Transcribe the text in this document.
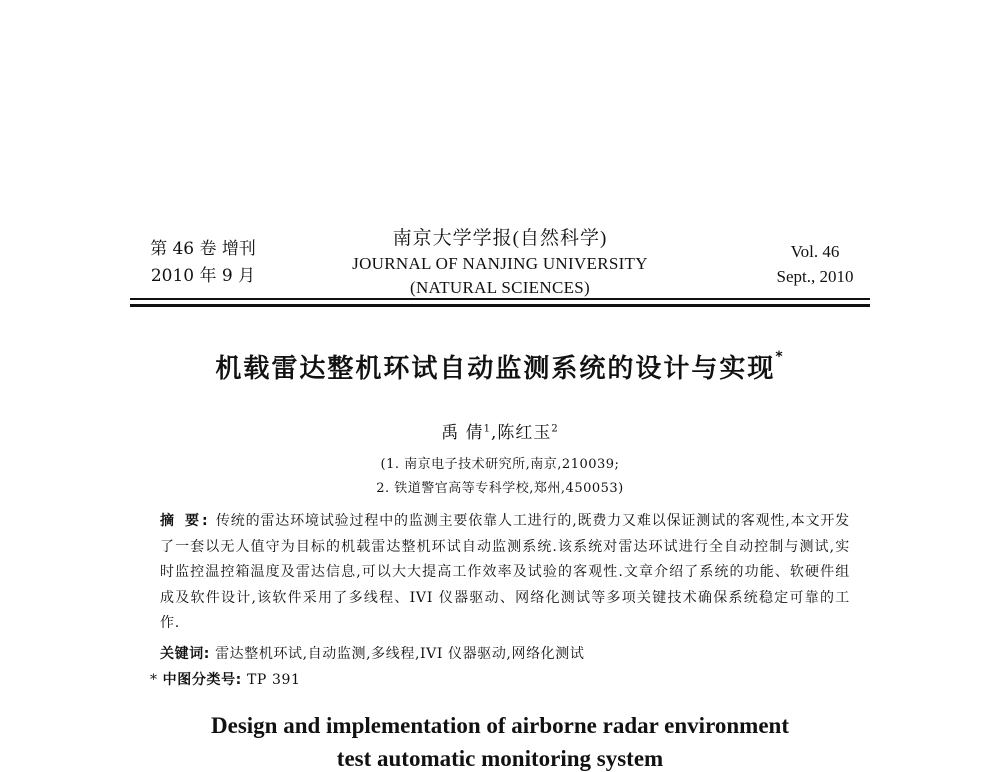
第 46 卷 增刊
2010 年 9 月
南京大学学报(自然科学)
JOURNAL OF NANJING UNIVERSITY
(NATURAL SCIENCES)
Vol. 46
Sept., 2010
机载雷达整机环试自动监测系统的设计与实现*
禹 倩$^1$,陈红玉$^2$
(1. 南京电子技术研究所,南京,210039;
2. 铁道警官高等专科学校,郑州,450053)
摘 要: 传统的雷达环境试验过程中的监测主要依靠人工进行的,既费力又难以保证测试的客观性,本文开发了一套以无人值守为目标的机载雷达整机环试自动监测系统.该系统对雷达环试进行全自动控制与测试,实时监控温控箱温度及雷达信息,可以大大提高工作效率及试验的客观性.文章介绍了系统的功能、软硬件组成及软件设计,该软件采用了多线程、IVI 仪器驱动、网络化测试等多项关键技术确保系统稳定可靠的工作.
关键词: 雷达整机环试,自动监测,多线程,IVI 仪器驱动,网络化测试
* 中图分类号: TP 391
Design and implementation of airborne radar environment
test automatic monitoring system
